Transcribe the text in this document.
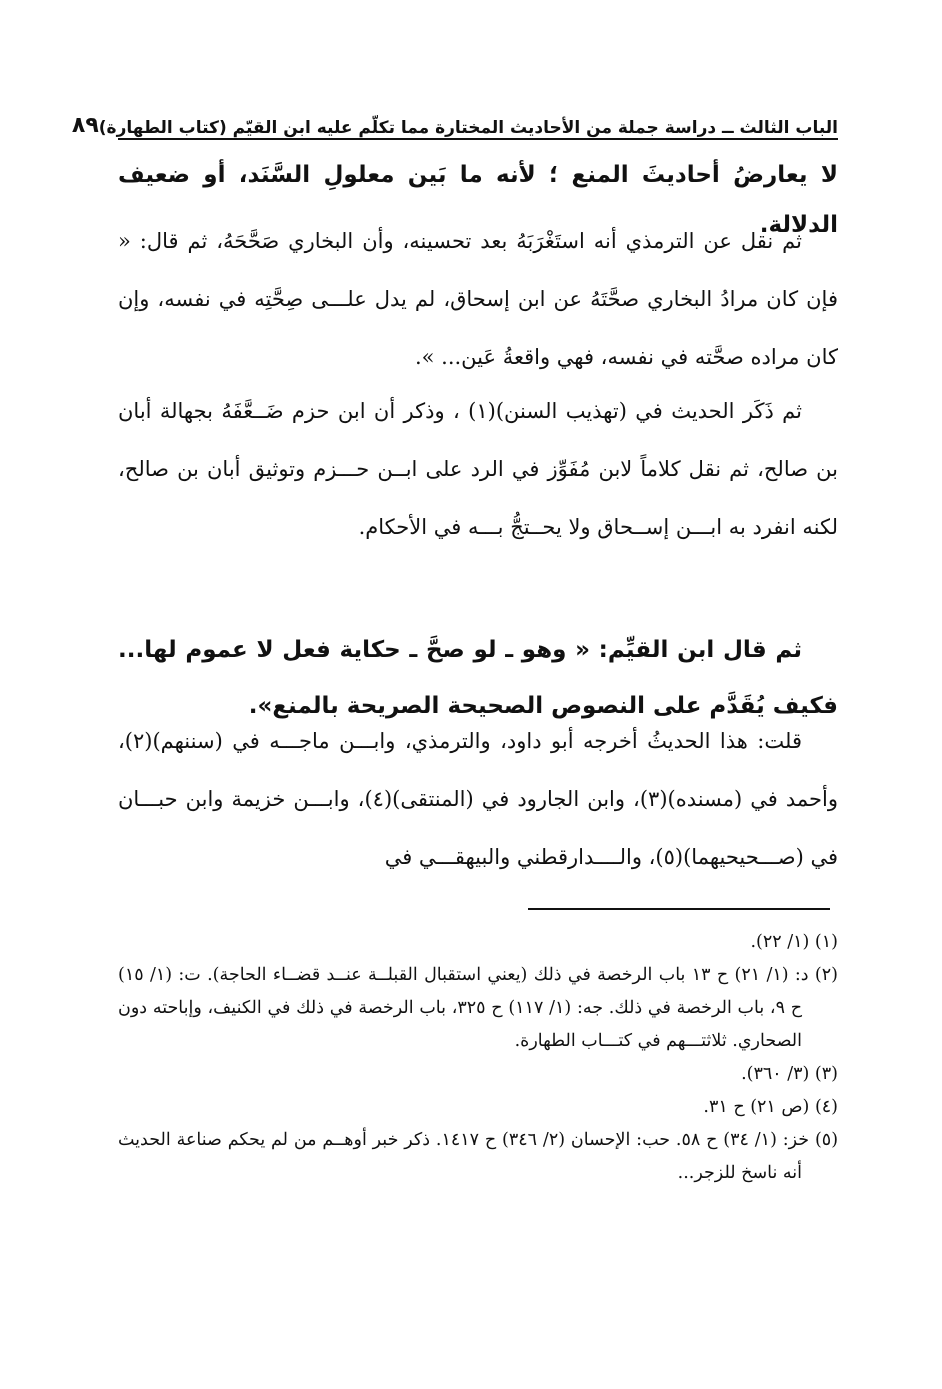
الباب الثالث ــ دراسة جملة من الأحاديث المختارة مما تكلّم عليه ابن القيّم (كتاب الطهارة)
٨٩
لا يعارضُ أحاديثَ المنع ؛ لأنه ما بَين معلولِ السَّنَد، أو ضعيف الدلالة.
ثم نقل عن الترمذي أنه استَغْرَبَهُ بعد تحسينه، وأن البخاري صَحَّحَهُ، ثم قال: « فإن كان مرادُ البخاري صحَّتَهُ عن ابن إسحاق، لم يدل علـــى صِحَّتِه في نفسه، وإن كان مراده صحَّته في نفسه، فهي واقعةُ عَين... ».
ثم ذَكَر الحديث في (تهذيب السنن)(١) ، وذكر أن ابن حزم ضَــعَّفَهُ بجهالة أبان بن صالح، ثم نقل كلاماً لابن مُفَوِّز في الرد على ابــن حـــزم وتوثيق أبان بن صالح، لكنه انفرد به ابـــن إســحاق ولا يحــتجُّ بـــه في الأحكام.
ثم قال ابن القيِّم: « وهو ـ لو صحَّ ـ حكاية فعل لا عموم لها... فكيف يُقَدَّم على النصوص الصحيحة الصريحة بالمنع».
قلت: هذا الحديثُ أخرجه أبو داود، والترمذي، وابـــن ماجـــه في (سننهم)(٢)، وأحمد في (مسنده)(٣)، وابن الجارود في (المنتقى)(٤)، وابـــن خزيمة وابن حبـــان في (صـــحيحيهما)(٥)، والــــدارقطني والبيهقـــي في
(١) (١/ ٢٢).
(٢) د: (١/ ٢١) ح ١٣ باب الرخصة في ذلك (يعني استقبال القبلــة عنــد قضــاء الحاجة). ت: (١/ ١٥) ح ٩، باب الرخصة في ذلك. جه: (١/ ١١٧) ح ٣٢٥، باب الرخصة في ذلك في الكنيف، وإباحته دون الصحاري. ثلاثتـــهم في كتـــاب الطهارة.
(٣) (٣/ ٣٦٠).
(٤) (ص ٢١) ح ٣١.
(٥) خز: (١/ ٣٤) ح ٥٨. حب: الإحسان (٢/ ٣٤٦) ح ١٤١٧. ذكر خبر أوهــم من لم يحكم صناعة الحديث أنه ناسخ للزجر...
